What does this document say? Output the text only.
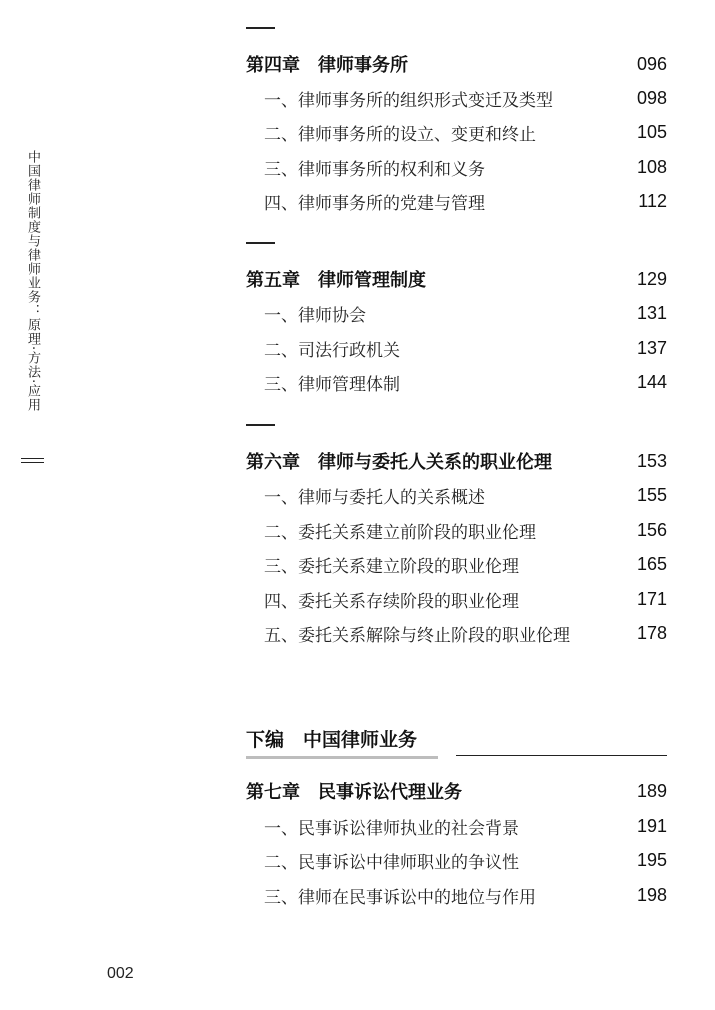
中国律师制度与律师业务：原理·方法·应用
第四章　律师事务所	096
一、律师事务所的组织形式变迁及类型	098
二、律师事务所的设立、变更和终止	105
三、律师事务所的权利和义务	108
四、律师事务所的党建与管理	112
第五章　律师管理制度	129
一、律师协会	131
二、司法行政机关	137
三、律师管理体制	144
第六章　律师与委托人关系的职业伦理	153
一、律师与委托人的关系概述	155
二、委托关系建立前阶段的职业伦理	156
三、委托关系建立阶段的职业伦理	165
四、委托关系存续阶段的职业伦理	171
五、委托关系解除与终止阶段的职业伦理	178
下编　中国律师业务
第七章　民事诉讼代理业务	189
一、民事诉讼律师执业的社会背景	191
二、民事诉讼中律师职业的争议性	195
三、律师在民事诉讼中的地位与作用	198
002
